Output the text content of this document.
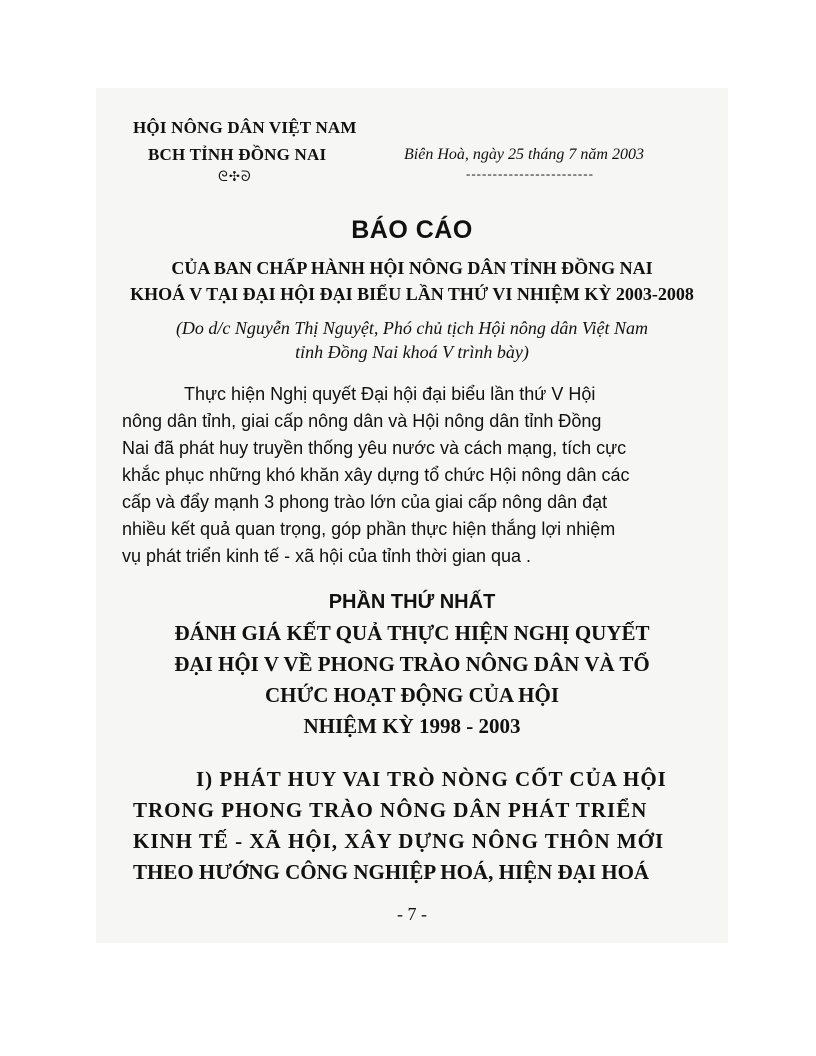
HỘI NÔNG DÂN VIỆT NAM
BCH TỈNH ĐỒNG NAI
ᘓ✣ᘐ
Biên Hoà, ngày 25 tháng 7 năm 2003
------------------------
BÁO CÁO
CỦA BAN CHẤP HÀNH HỘI NÔNG DÂN TỈNH ĐỒNG NAI
KHOÁ V TẠI ĐẠI HỘI ĐẠI BIỂU LẦN THỨ VI NHIỆM KỲ 2003-2008
(Do d/c Nguyễn Thị Nguyệt, Phó chủ tịch Hội nông dân Việt Nam
tỉnh Đồng Nai khoá V trình bày)
Thực hiện Nghị quyết Đại hội đại biểu lần thứ V Hội
nông dân tỉnh, giai cấp nông dân và Hội nông dân tỉnh Đồng
Nai đã phát huy truyền thống yêu nước và cách mạng, tích cực
khắc phục những khó khăn xây dựng tổ chức Hội nông dân các
cấp và đẩy mạnh 3 phong trào lớn của giai cấp nông dân đạt
nhiều kết quả quan trọng, góp phần thực hiện thắng lợi nhiệm
vụ phát triển kinh tế - xã hội của tỉnh thời gian qua .
PHẦN THỨ NHẤT
ĐÁNH GIÁ KẾT QUẢ THỰC HIỆN NGHỊ QUYẾT
ĐẠI HỘI V VỀ PHONG TRÀO NÔNG DÂN VÀ TỔ
CHỨC HOẠT ĐỘNG CỦA HỘI
NHIỆM KỲ 1998 - 2003
I) PHÁT HUY VAI TRÒ NÒNG CỐT CỦA HỘI
TRONG PHONG TRÀO NÔNG DÂN PHÁT TRIỂN
KINH TẾ - XÃ HỘI, XÂY DỰNG NÔNG THÔN MỚI
THEO HƯỚNG CÔNG NGHIỆP HOÁ, HIỆN ĐẠI HOÁ
- 7 -
